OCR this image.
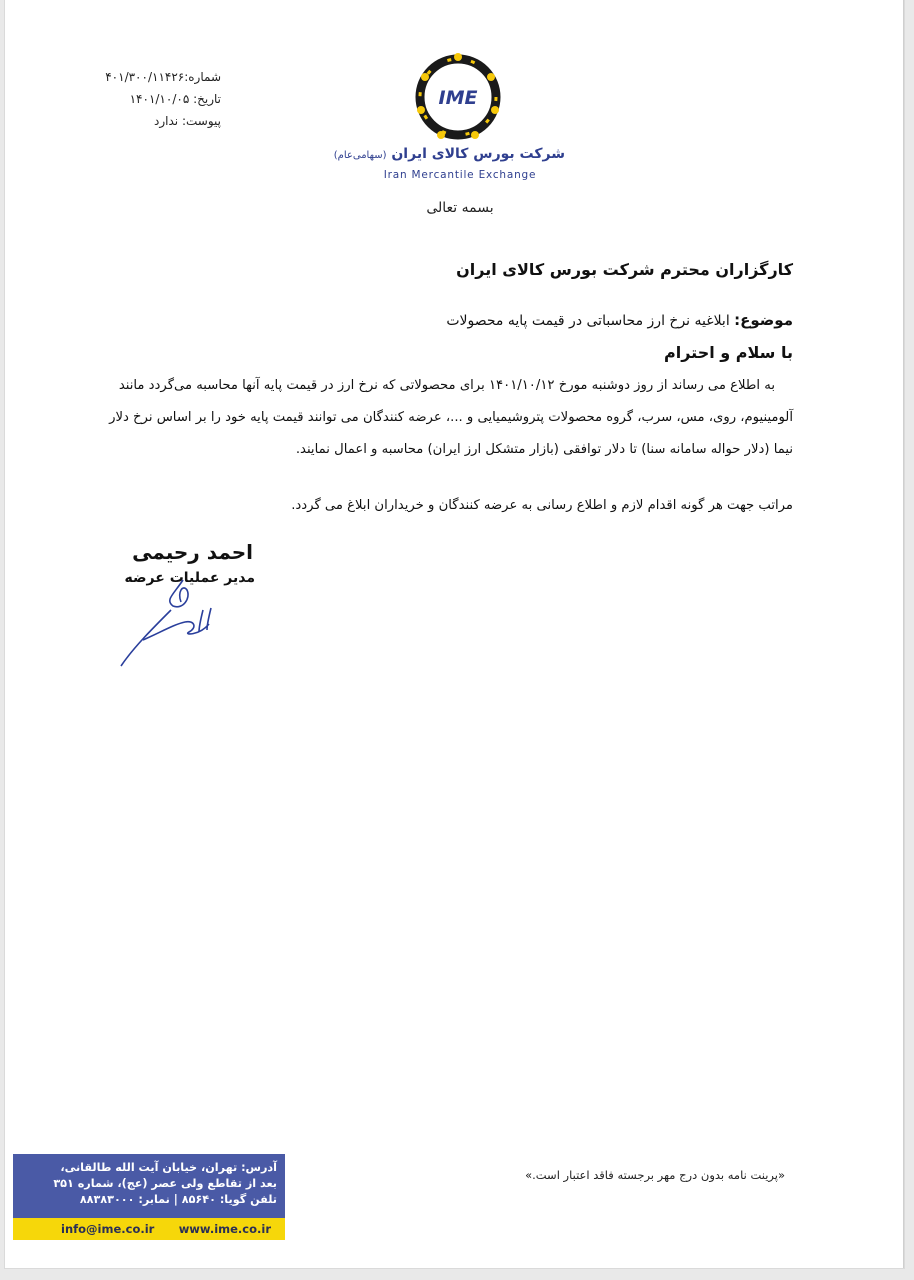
شماره:۴۰۱/۳۰۰/۱۱۴۲۶
تاریخ: ۱۴۰۱/۱۰/۰۵
پیوست: ندارد
IME
شرکت بورس کالای ایران (سهامی‌عام)
Iran Mercantile Exchange
بسمه تعالی
کارگزاران محترم شرکت بورس کالای ایران
موضوع: ابلاغیه نرخ ارز محاسباتی در قیمت پایه محصولات
با سلام و احترام
به اطلاع می رساند از روز دوشنبه مورخ ۱۴۰۱/۱۰/۱۲ برای محصولاتی که نرخ ارز در قیمت پایه آنها محاسبه می‌گردد مانند آلومینیوم، روی، مس، سرب، گروه محصولات پتروشیمیایی و ...، عرضه کنندگان می توانند قیمت پایه خود را بر اساس نرخ دلار نیما (دلار حواله سامانه سنا) تا دلار توافقی (بازار متشکل ارز ایران) محاسبه و اعمال نمایند.
مراتب جهت هر گونه اقدام لازم و اطلاع رسانی به عرضه کنندگان و خریداران ابلاغ می گردد.
احمد رحیمی
مدیر عملیات عرضه
آدرس: تهران، خیابان آیت الله طالقانی،
بعد از تقاطع ولی عصر (عج)، شماره ۳۵۱
تلفن گویا: ۸۵۶۴۰ | نمابر: ۸۸۳۸۳۰۰۰
info@ime.co.ir www.ime.co.ir
«پرینت نامه بدون درج مهر برجسته فاقد اعتبار است.»
